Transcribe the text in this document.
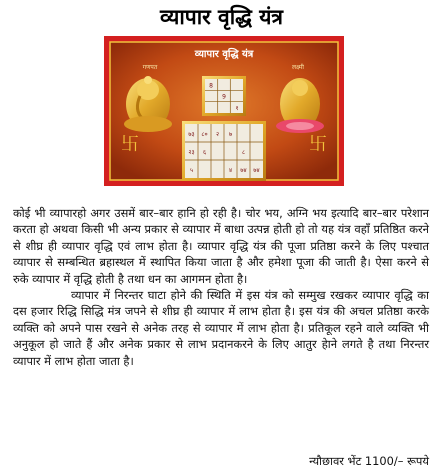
व्यापार वृद्धि यंत्र
व्यापार वृद्धि यंत्र
गणपत	लक्ष्मी
8
9
१
卐	卐
७३ ८० २ ७
२३ ६	८
५	४ ७४ ७४

कोई भी व्यापारहो अगर उसमें बार–बार हानि हो रही है। चोर भय, अग्नि भय इत्यादि बार–बार परेशान करता हो अथवा किसी भी अन्य प्रकार से व्यापार में बाधा उत्पन्न होती हो तो यह यंत्र वहाँ प्रतिष्ठित करने से शीघ्र ही व्यापार वृद्धि एवं लाभ होता है। व्यापार वृद्धि यंत्र की पूजा प्रतिष्ठा करने के लिए पश्चात व्यापार से सम्बन्धित ब्रहास्थल में स्थापित किया जाता है और हमेशा पूजा की जाती है। ऐसा करने से रुके व्यापार में वृद्धि होती है तथा धन का आगमन होता है।

व्यापार में निरन्तर घाटा होने की स्थिति में इस यंत्र को सम्मुख रखकर व्यापार वृद्धि का दस हजार रिद्धि सिद्धि मंत्र जपने से शीघ्र ही व्यापार में लाभ होता है। इस यंत्र की अचल प्रतिष्ठा करके व्यक्ति को अपने पास रखने से अनेक तरह से व्यापार में लाभ होता है। प्रतिकूल रहने वाले व्यक्ति भी अनुकूल हो जाते हैं और अनेक प्रकार से लाभ प्रदानकरने के लिए आतुर हेाने लगते है तथा निरन्तर व्यापार में लाभ होता जाता है।

न्यौछावर भेंट 1100/– रूपये
